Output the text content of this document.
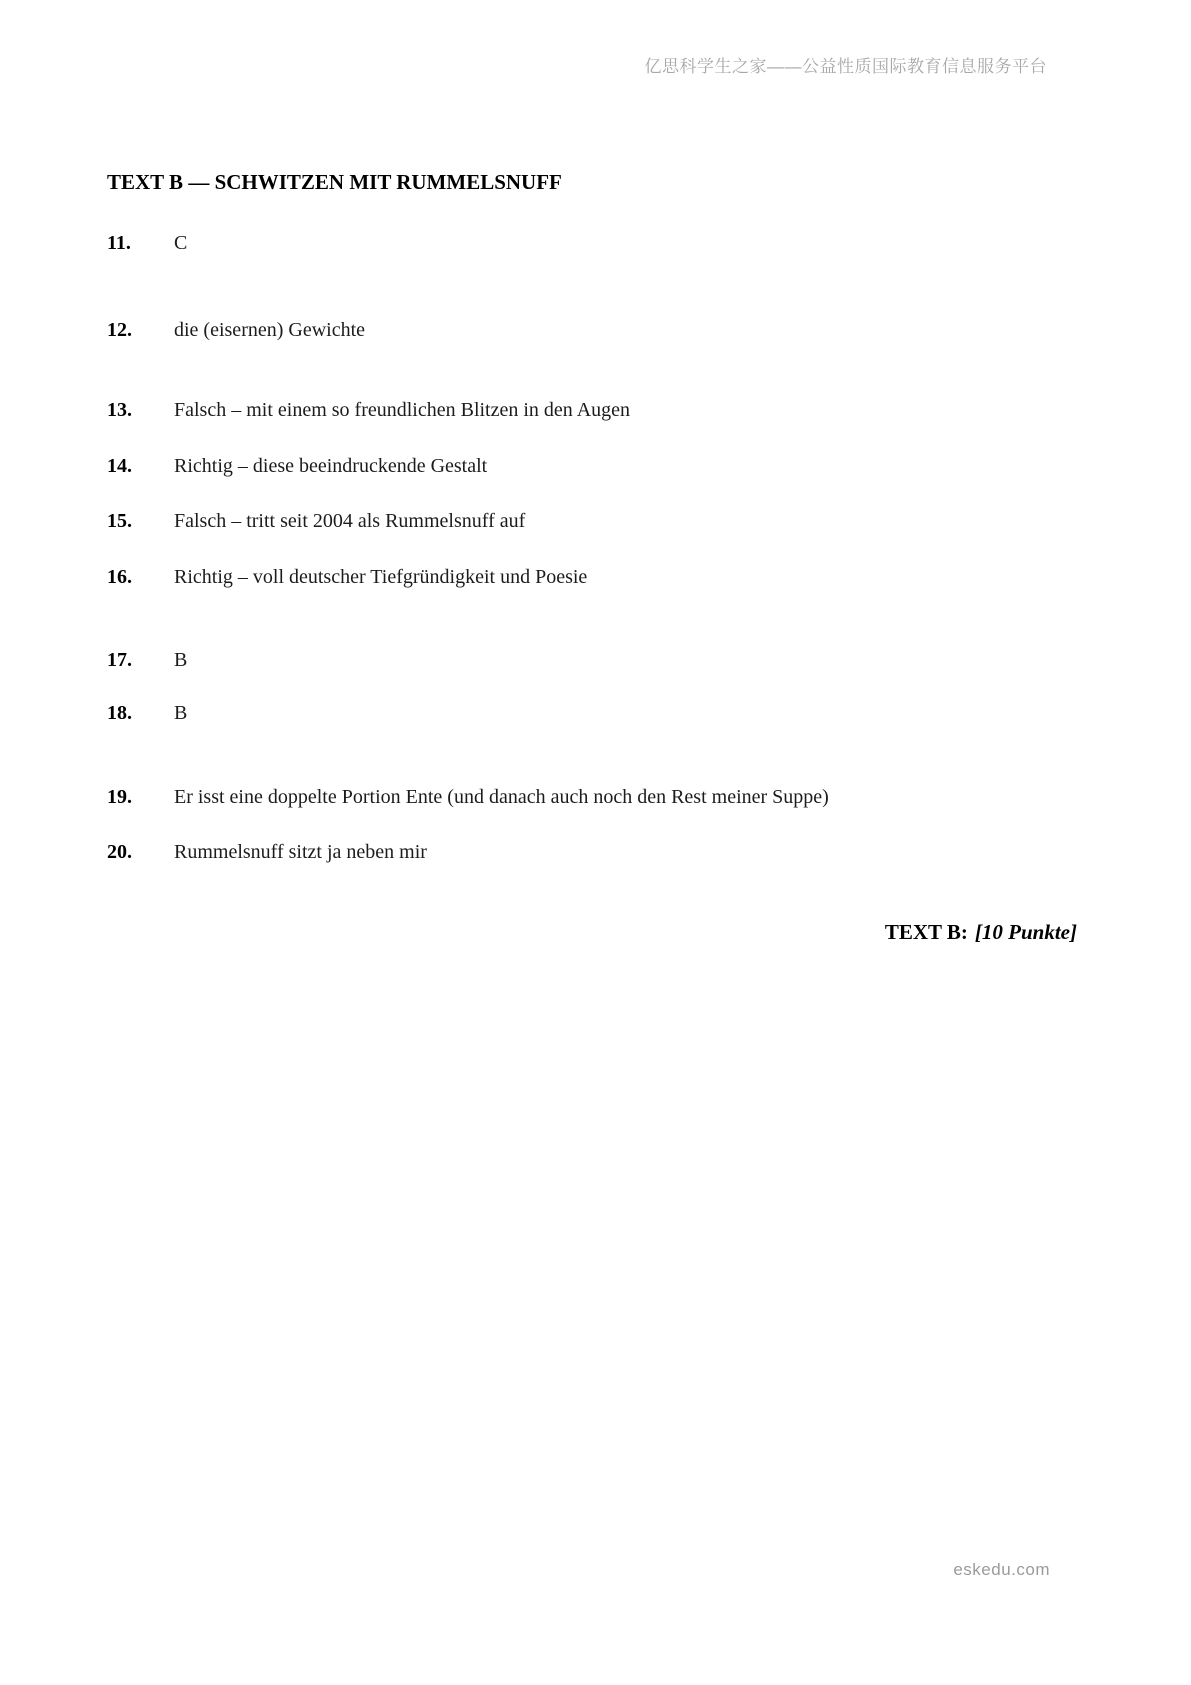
亿思科学生之家——公益性质国际教育信息服务平台
TEXT B — SCHWITZEN MIT RUMMELSNUFF
11. C
12. die (eisernen) Gewichte
13. Falsch – mit einem so freundlichen Blitzen in den Augen
14. Richtig – diese beeindruckende Gestalt
15. Falsch – tritt seit 2004 als Rummelsnuff auf
16. Richtig – voll deutscher Tiefgründigkeit und Poesie
17. B
18. B
19. Er isst eine doppelte Portion Ente (und danach auch noch den Rest meiner Suppe)
20. Rummelsnuff sitzt ja neben mir
TEXT B: [10 Punkte]
eskedu.com
